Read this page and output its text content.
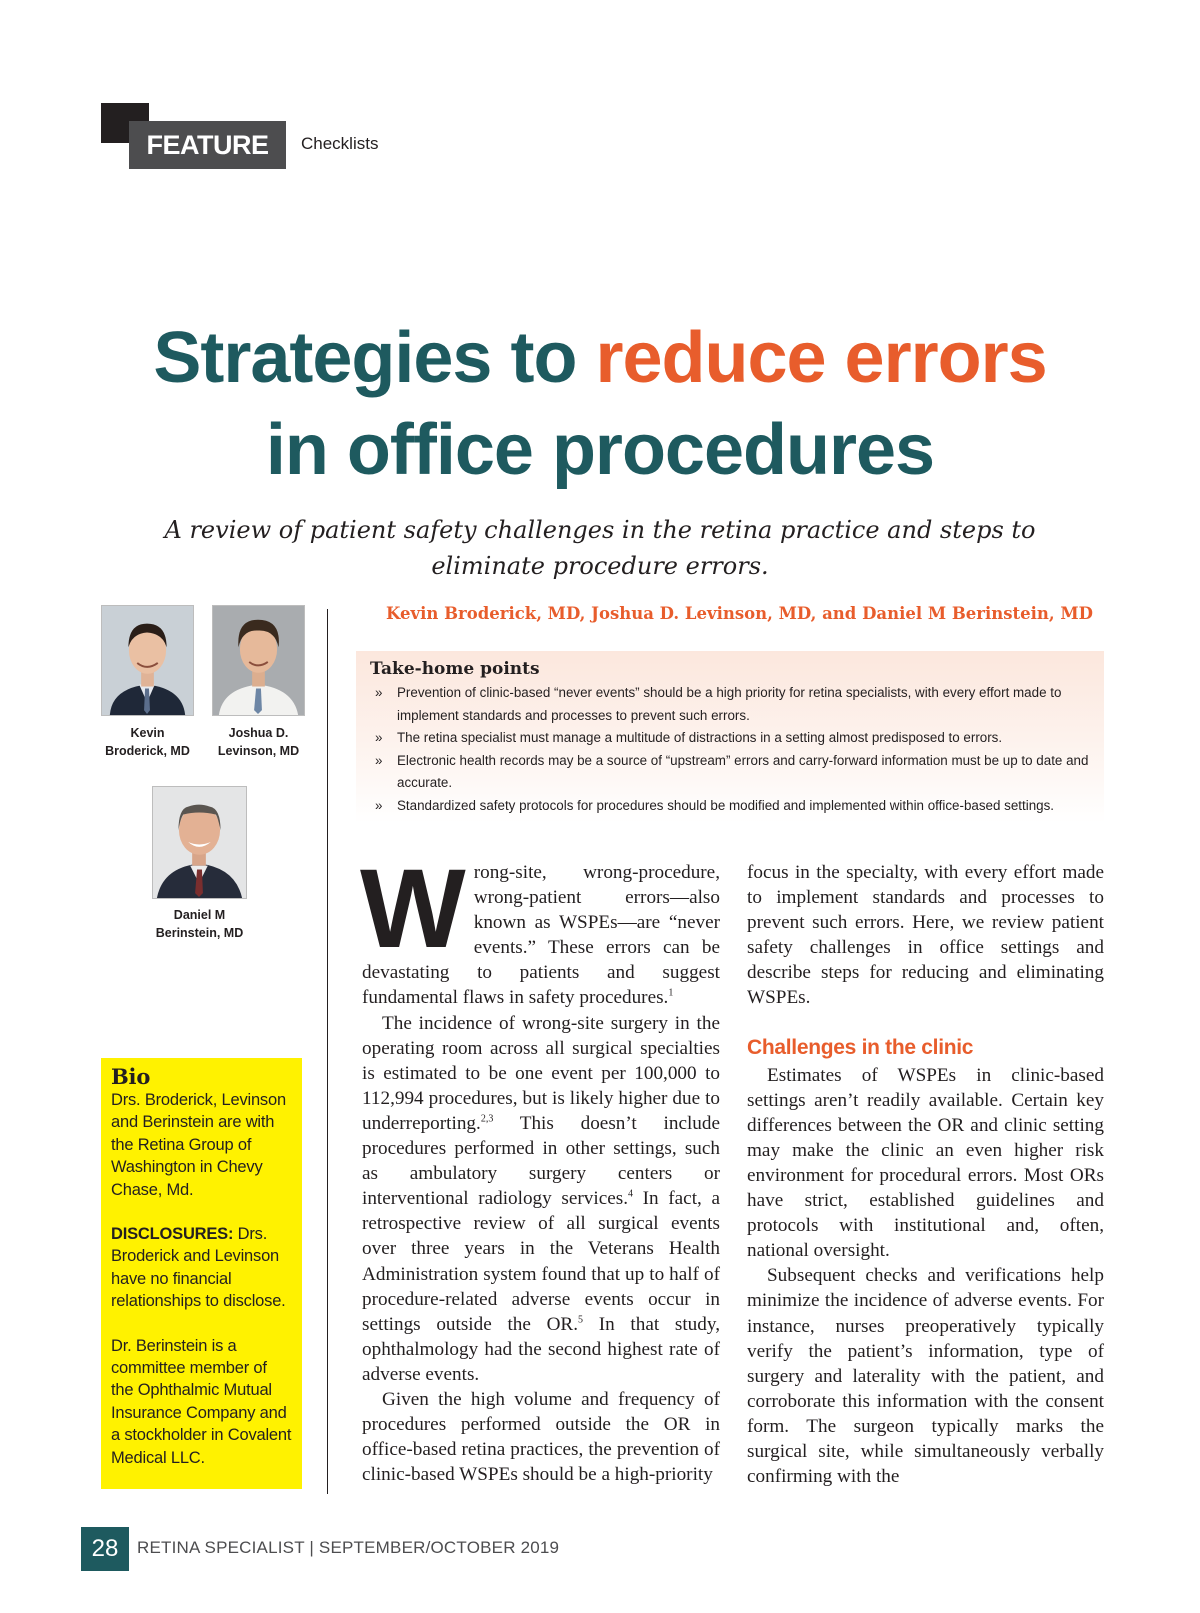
FEATURE	Checklists
Strategies to reduce errors
in office procedures
A review of patient safety challenges in the retina practice and steps to eliminate procedure errors.
Kevin
Broderick, MD
Joshua D.
Levinson, MD
Daniel M
Berinstein, MD
Kevin Broderick, MD, Joshua D. Levinson, MD, and Daniel M Berinstein, MD
Take-home points
» Prevention of clinic-based “never events” should be a high priority for retina specialists, with every effort made to implement standards and processes to prevent such errors.
» The retina specialist must manage a multitude of distractions in a setting almost predisposed to errors.
» Electronic health records may be a source of “upstream” errors and carry-forward information must be up to date and accurate.
» Standardized safety protocols for procedures should be modified and implemented within office-based settings.

Wrong-site, wrong-procedure, wrong-patient errors—also known as WSPEs—are “never events.” These errors can be devastating to patients and suggest fundamental flaws in safety procedures.$^1$

The incidence of wrong-site surgery in the operating room across all surgical specialties is estimated to be one event per 100,000 to 112,994 procedures, but is likely higher due to underreporting.$^{2,3}$ This doesn’t include procedures performed in other settings, such as ambulatory surgery centers or interventional radiology services.$^4$ In fact, a retrospective review of all surgical events over three years in the Veterans Health Administration system found that up to half of procedure-related adverse events occur in settings outside the OR.$^5$ In that study, ophthalmology had the second highest rate of adverse events.

Given the high volume and frequency of procedures performed outside the OR in office-based retina practices, the prevention of clinic-based WSPEs should be a high-priority

focus in the specialty, with every effort made to implement standards and processes to prevent such errors. Here, we review patient safety challenges in office settings and describe steps for reducing and eliminating WSPEs.
Challenges in the clinic

Estimates of WSPEs in clinic-based settings aren’t readily available. Certain key differences between the OR and clinic setting may make the clinic an even higher risk environment for procedural errors. Most ORs have strict, established guidelines and protocols with institutional and, often, national oversight.

Subsequent checks and verifications help minimize the incidence of adverse events. For instance, nurses preoperatively typically verify the patient’s information, type of surgery and laterality with the patient, and corroborate this information with the consent form. The surgeon typically marks the surgical site, while simultaneously verbally confirming with the

Bio

Drs. Broderick, Levinson and Berinstein are with the Retina Group of Washington in Chevy Chase, Md.

DISCLOSURES: Drs. Broderick and Levinson have no financial relationships to disclose.

Dr. Berinstein is a committee member of the Ophthalmic Mutual Insurance Company and a stockholder in Covalent Medical LLC.

28	RETINA SPECIALIST | SEPTEMBER/OCTOBER 2019
